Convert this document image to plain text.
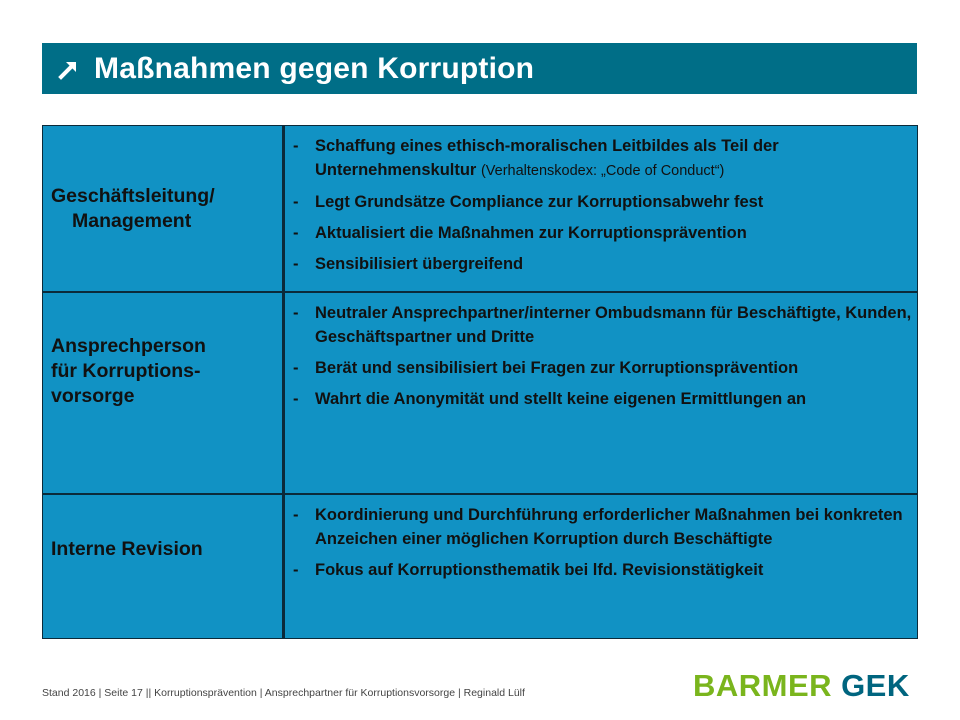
Maßnahmen gegen Korruption
Geschäftsleitung/
Management
-	Schaffung eines ethisch-moralischen Leitbildes als Teil der Unternehmenskultur (Verhaltenskodex: „Code of Conduct“)
-	Legt Grundsätze Compliance zur Korruptionsabwehr fest
-	Aktualisiert die Maßnahmen zur Korruptionsprävention
-	Sensibilisiert übergreifend
Ansprechperson
für Korruptions-
vorsorge
-	Neutraler Ansprechpartner/interner Ombudsmann für Beschäftigte, Kunden, Geschäftspartner und Dritte
-	Berät und sensibilisiert bei Fragen zur Korruptionsprävention
-	Wahrt die Anonymität und stellt keine eigenen Ermittlungen an
Interne Revision
-	Koordinierung und Durchführung erforderlicher Maßnahmen bei konkreten Anzeichen einer möglichen Korruption durch Beschäftigte
-	Fokus auf Korruptionsthematik bei lfd. Revisionstätigkeit
Stand 2016 | Seite 17 || Korruptionsprävention | Ansprechpartner für Korruptionsvorsorge | Reginald Lülf	BARMER GEK
